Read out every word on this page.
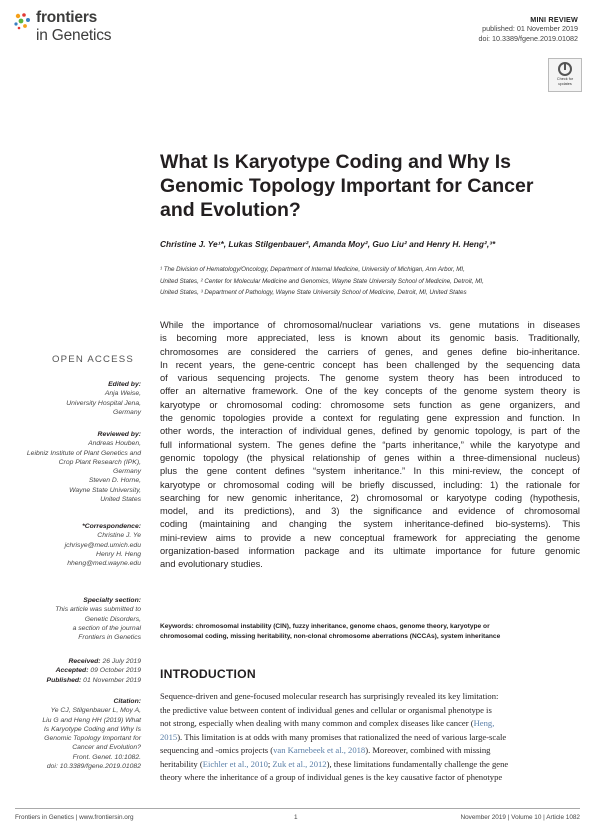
frontiers
in Genetics
MINI REVIEW
published: 01 November 2019
doi: 10.3389/fgene.2019.01082
Check for
updates
What Is Karyotype Coding and Why Is Genomic Topology Important for Cancer and Evolution?
Christine J. Ye¹*, Lukas Stilgenbauer², Amanda Moy², Guo Liu² and Henry H. Heng²,³*
¹ The Division of Hematology/Oncology, Department of Internal Medicine, University of Michigan, Ann Arbor, MI,
United States, ² Center for Molecular Medicine and Genomics, Wayne State University School of Medicine, Detroit, MI,
United States, ³ Department of Pathology, Wayne State University School of Medicine, Detroit, MI, United States
While the importance of chromosomal/nuclear variations vs. gene mutations in diseases
is becoming more appreciated, less is known about its genomic basis. Traditionally,
chromosomes are considered the carriers of genes, and genes define bio-inheritance.
In recent years, the gene-centric concept has been challenged by the sequencing data
of various sequencing projects. The genome system theory has been introduced to
offer an alternative framework. One of the key concepts of the genome system theory is
karyotype or chromosomal coding: chromosome sets function as gene organizers, and
the genomic topologies provide a context for regulating gene expression and function. In
other words, the interaction of individual genes, defined by genomic topology, is part of the
full informational system. The genes define the “parts inheritance,” while the karyotype and
genomic topology (the physical relationship of genes within a three-dimensional nucleus)
plus the gene content defines “system inheritance.” In this mini-review, the concept of
karyotype or chromosomal coding will be briefly discussed, including: 1) the rationale for
searching for new genomic inheritance, 2) chromosomal or karyotype coding (hypothesis,
model, and its predictions), and 3) the significance and evidence of chromosomal
coding (maintaining and changing the system inheritance-defined bio-systems). This
mini-review aims to provide a new conceptual framework for appreciating the genome
organization-based information package and its ultimate importance for future genomic
and evolutionary studies.
Keywords: chromosomal instability (CIN), fuzzy inheritance, genome chaos, genome theory, karyotype or
chromosomal coding, missing heritability, non-clonal chromosome aberrations (NCCAs), system inheritance
INTRODUCTION
Sequence-driven and gene-focused molecular research has surprisingly revealed its key limitation:
the predictive value between content of individual genes and cellular or organismal phenotype is
not strong, especially when dealing with many common and complex diseases like cancer (Heng,
2015). This limitation is at odds with many promises that rationalized the need of various large-scale
sequencing and -omics projects (van Karnebeek et al., 2018). Moreover, combined with missing
heritability (Eichler et al., 2010; Zuk et al., 2012), these limitations fundamentally challenge the gene
theory where the inheritance of a group of individual genes is the key causative factor of phenotype
OPEN ACCESS
Edited by:
Anja Weise,
University Hospital Jena,
Germany
Reviewed by:
Andreas Houben,
Leibniz Institute of Plant Genetics and
Crop Plant Research (IPK),
Germany
Steven D. Horne,
Wayne State University,
United States
*Correspondence:
Christine J. Ye
jchrisye@med.umich.edu
Henry H. Heng
hheng@med.wayne.edu
Specialty section:
This article was submitted to
Genetic Disorders,
a section of the journal
Frontiers in Genetics
Received: 26 July 2019
Accepted: 09 October 2019
Published: 01 November 2019
Citation:
Ye CJ, Stilgenbauer L, Moy A,
Liu G and Heng HH (2019) What
Is Karyotype Coding and Why Is
Genomic Topology Important for
Cancer and Evolution?
Front. Genet. 10:1082.
doi: 10.3389/fgene.2019.01082
Frontiers in Genetics | www.frontiersin.org	1	November 2019 | Volume 10 | Article 1082
